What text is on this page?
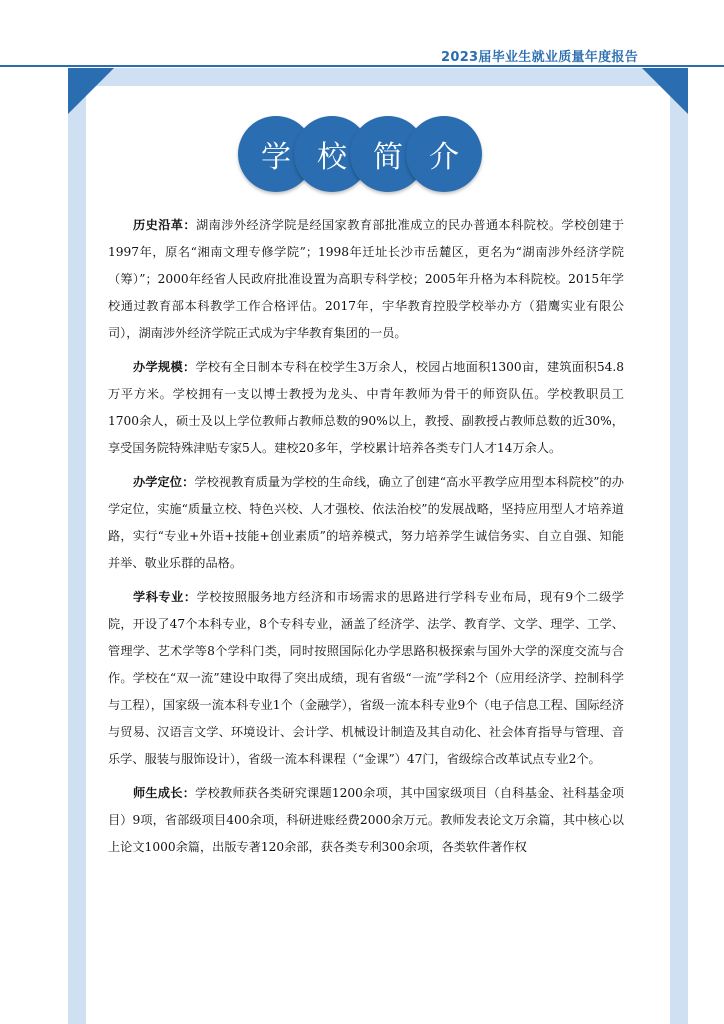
2023届毕业生就业质量年度报告
学 校 简 介

历史沿革：湖南涉外经济学院是经国家教育部批准成立的民办普通本科院校。学校创建于1997年，原名“湘南文理专修学院”；1998年迁址长沙市岳麓区，更名为“湖南涉外经济学院（筹）”；2000年经省人民政府批准设置为高职专科学校；2005年升格为本科院校。2015年学校通过教育部本科教学工作合格评估。2017年，宇华教育控股学校举办方（猎鹰实业有限公司），湖南涉外经济学院正式成为宇华教育集团的一员。

办学规模：学校有全日制本专科在校学生3万余人，校园占地面积1300亩，建筑面积54.8万平方米。学校拥有一支以博士教授为龙头、中青年教师为骨干的师资队伍。学校教职员工1700余人，硕士及以上学位教师占教师总数的90%以上，教授、副教授占教师总数的近30%，享受国务院特殊津贴专家5人。建校20多年，学校累计培养各类专门人才14万余人。

办学定位：学校视教育质量为学校的生命线，确立了创建“高水平教学应用型本科院校”的办学定位，实施“质量立校、特色兴校、人才强校、依法治校”的发展战略，坚持应用型人才培养道路，实行“专业+外语+技能+创业素质”的培养模式，努力培养学生诚信务实、自立自强、知能并举、敬业乐群的品格。

学科专业：学校按照服务地方经济和市场需求的思路进行学科专业布局，现有9个二级学院，开设了47个本科专业，8个专科专业，涵盖了经济学、法学、教育学、文学、理学、工学、管理学、艺术学等8个学科门类，同时按照国际化办学思路积极探索与国外大学的深度交流与合作。学校在“双一流”建设中取得了突出成绩，现有省级“一流”学科2个（应用经济学、控制科学与工程），国家级一流本科专业1个（金融学），省级一流本科专业9个（电子信息工程、国际经济与贸易、汉语言文学、环境设计、会计学、机械设计制造及其自动化、社会体育指导与管理、音乐学、服装与服饰设计），省级一流本科课程（“金课”）47门，省级综合改革试点专业2个。

师生成长：学校教师获各类研究课题1200余项，其中国家级项目（自科基金、社科基金项目）9项，省部级项目400余项，科研进账经费2000余万元。教师发表论文万余篇，其中核心以上论文1000余篇，出版专著120余部，获各类专利300余项，各类软件著作权
